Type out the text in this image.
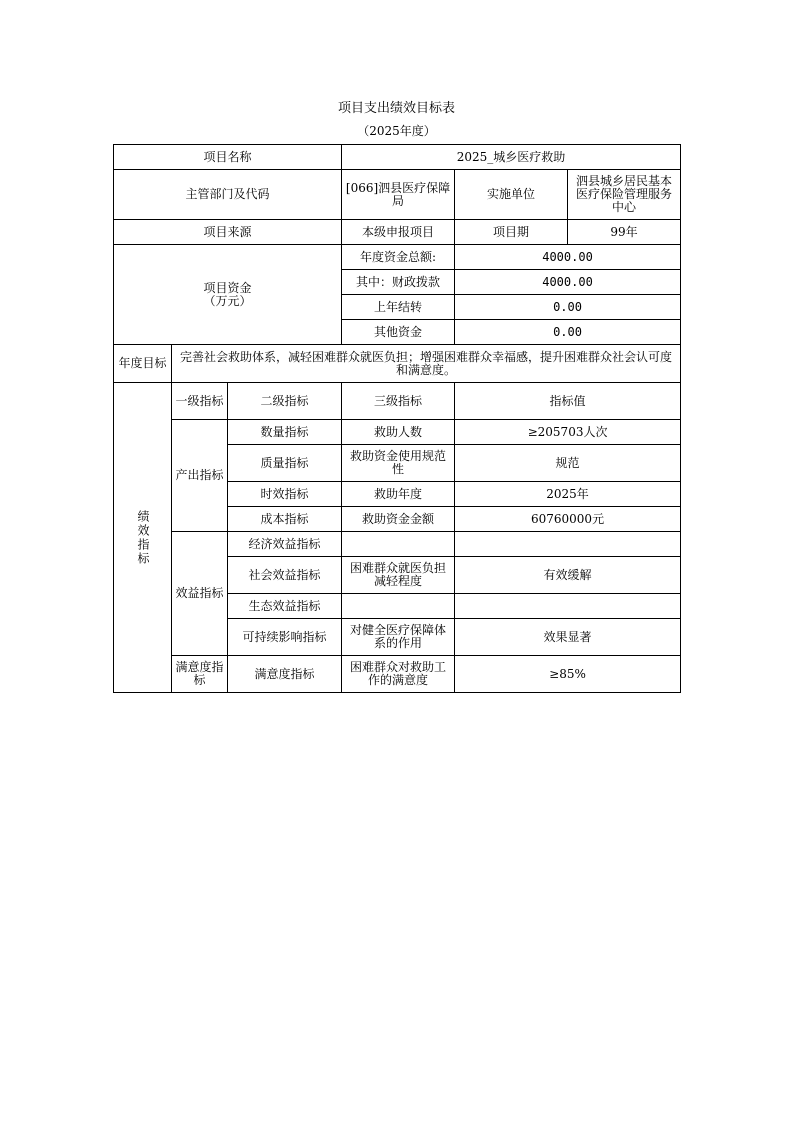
项目支出绩效目标表
（2025年度）
项目名称			2025_城乡医疗救助		
主管部门及代码			[066]泗县医疗保障局	实施单位	泗县城乡居民基本医疗保险管理服务中心
项目来源			本级申报项目	项目期	99年
项目资金
（万元）			年度资金总额:	4000.00	
			其中：财政拨款	4000.00	
			上年结转	0.00	
			其他资金	0.00	
年度目标	完善社会救助体系，减轻困难群众就医负担；增强困难群众幸福感，提升困难群众社会认可度和满意度。				
绩效指标	一级指标	二级指标	三级指标	指标值	
	产出指标	数量指标	救助人数	≥205703人次	
		质量指标	救助资金使用规范性	规范	
		时效指标	救助年度	2025年	
		成本指标	救助资金金额	60760000元	
	效益指标	经济效益指标			
		社会效益指标	困难群众就医负担减轻程度	有效缓解	
		生态效益指标			
		可持续影响指标	对健全医疗保障体系的作用	效果显著	
	满意度指标	满意度指标	困难群众对救助工作的满意度	≥85%	
